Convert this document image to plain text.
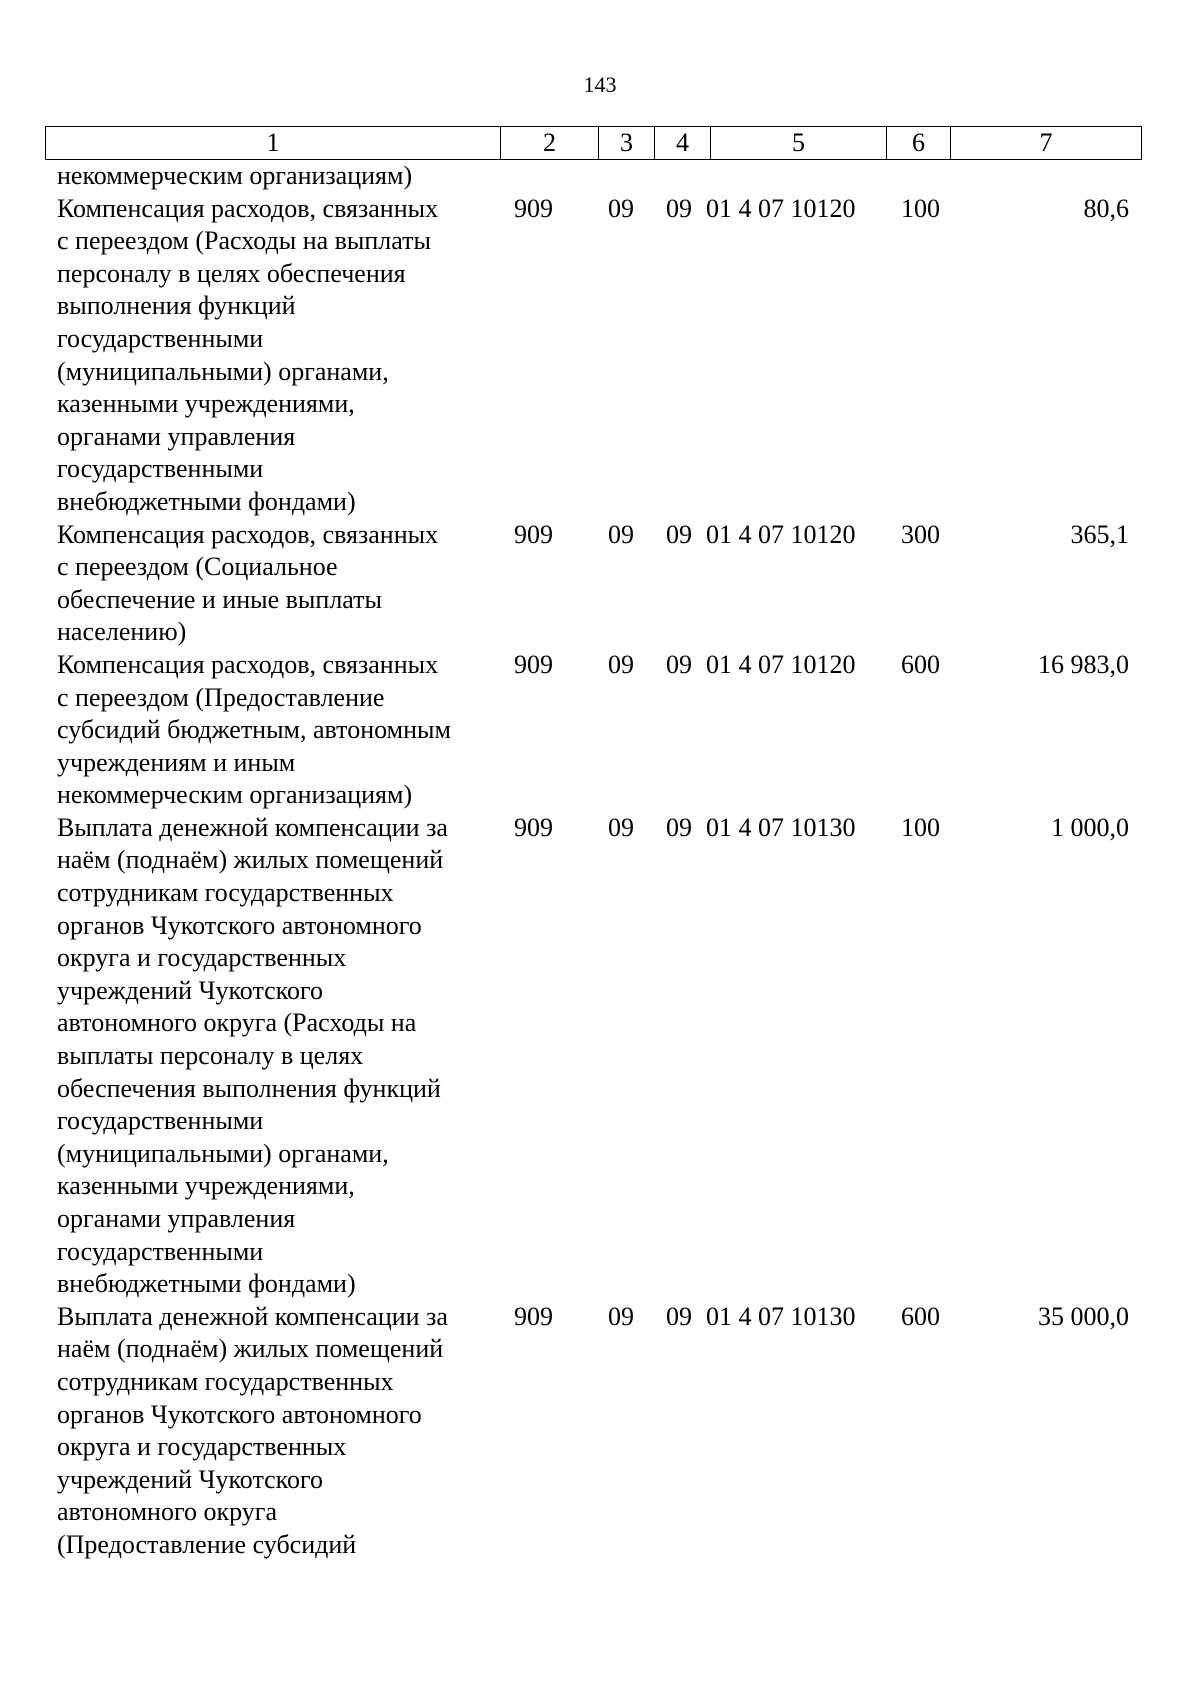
143
1	2	3	4	5	6	7
некоммерческим организациям)
Компенсация расходов, связанных
с переездом (Расходы на выплаты
персоналу в целях обеспечения
выполнения функций
государственными
(муниципальными) органами,
казенными учреждениями,
органами управления
государственными
внебюджетными фондами)
909	09	09 01 4 07 10120	100	80,6
Компенсация расходов, связанных
с переездом (Социальное
обеспечение и иные выплаты
населению)
909	09	09 01 4 07 10120	300	365,1
Компенсация расходов, связанных
с переездом (Предоставление
субсидий бюджетным, автономным
учреждениям и иным
некоммерческим организациям)
909	09	09 01 4 07 10120	600	16 983,0
Выплата денежной компенсации за
наём (поднаём) жилых помещений
сотрудникам государственных
органов Чукотского автономного
округа и государственных
учреждений Чукотского
автономного округа (Расходы на
выплаты персоналу в целях
обеспечения выполнения функций
государственными
(муниципальными) органами,
казенными учреждениями,
органами управления
государственными
внебюджетными фондами)
909	09	09 01 4 07 10130	100	1 000,0
Выплата денежной компенсации за
наём (поднаём) жилых помещений
сотрудникам государственных
органов Чукотского автономного
округа и государственных
учреждений Чукотского
автономного округа
(Предоставление субсидий
909	09	09 01 4 07 10130	600	35 000,0
